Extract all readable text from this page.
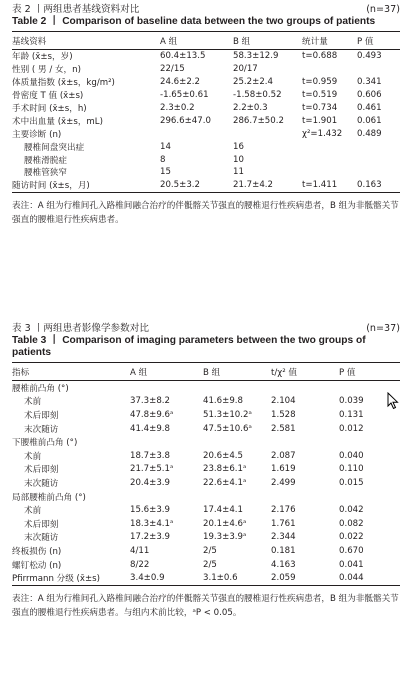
表 2 丨两组患者基线资料对比	(n=37)
Table 2 丨 Comparison of baseline data between the two groups of patients
基线资料	A 组	B 组	统计量	P 值
年龄 (x̄±s，岁)	60.4±13.5	58.3±12.9	t=0.688	0.493
性别 ( 男 / 女，n)	22/15	20/17		
体质量指数 (x̄±s，kg/m²)	24.6±2.2	25.2±2.4	t=0.959	0.341
骨密度 T 值 (x̄±s)	-1.65±0.61	-1.58±0.52	t=0.519	0.606
手术时间 (x̄±s，h)	2.3±0.2	2.2±0.3	t=0.734	0.461
术中出血量 (x̄±s，mL)	296.6±47.0	286.7±50.2	t=1.901	0.061
主要诊断 (n)			χ²=1.432	0.489
腰椎间盘突出症	14	16		
腰椎滑脱症	8	10		
腰椎管狭窄	15	11		
随访时间 (x̄±s，月)	20.5±3.2	21.7±4.2	t=1.411	0.163
表注：A 组为行椎间孔入路椎间融合治疗的伴骶髂关节强直的腰椎退行性疾病患者，B 组为非骶髂关节强直的腰椎退行性疾病患者。
表 3 丨两组患者影像学参数对比	(n=37)
Table 3 丨 Comparison of imaging parameters between the two groups of patients
指标	A 组	B 组	t/χ² 值	P 值
腰椎前凸角 (°)				
术前	37.3±8.2	41.6±9.8	2.104	0.039
术后即刻	47.8±9.6ᵃ	51.3±10.2ᵃ	1.528	0.131
末次随访	41.4±9.8	47.5±10.6ᵃ	2.581	0.012
下腰椎前凸角 (°)				
术前	18.7±3.8	20.6±4.5	2.087	0.040
术后即刻	21.7±5.1ᵃ	23.8±6.1ᵃ	1.619	0.110
末次随访	20.4±3.9	22.6±4.1ᵃ	2.499	0.015
局部腰椎前凸角 (°)				
术前	15.6±3.9	17.4±4.1	2.176	0.042
术后即刻	18.3±4.1ᵃ	20.1±4.6ᵃ	1.761	0.082
末次随访	17.2±3.9	19.3±3.9ᵃ	2.344	0.022
终板损伤 (n)	4/11	2/5	0.181	0.670
螺钉松动 (n)	8/22	2/5	4.163	0.041
Pfirrmann 分级 (x̄±s)	3.4±0.9	3.1±0.6	2.059	0.044
表注：A 组为行椎间孔入路椎间融合治疗的伴骶髂关节强直的腰椎退行性疾病患者，B 组为非骶髂关节强直的腰椎退行性疾病患者。与组内术前比较，ᵃP < 0.05。
